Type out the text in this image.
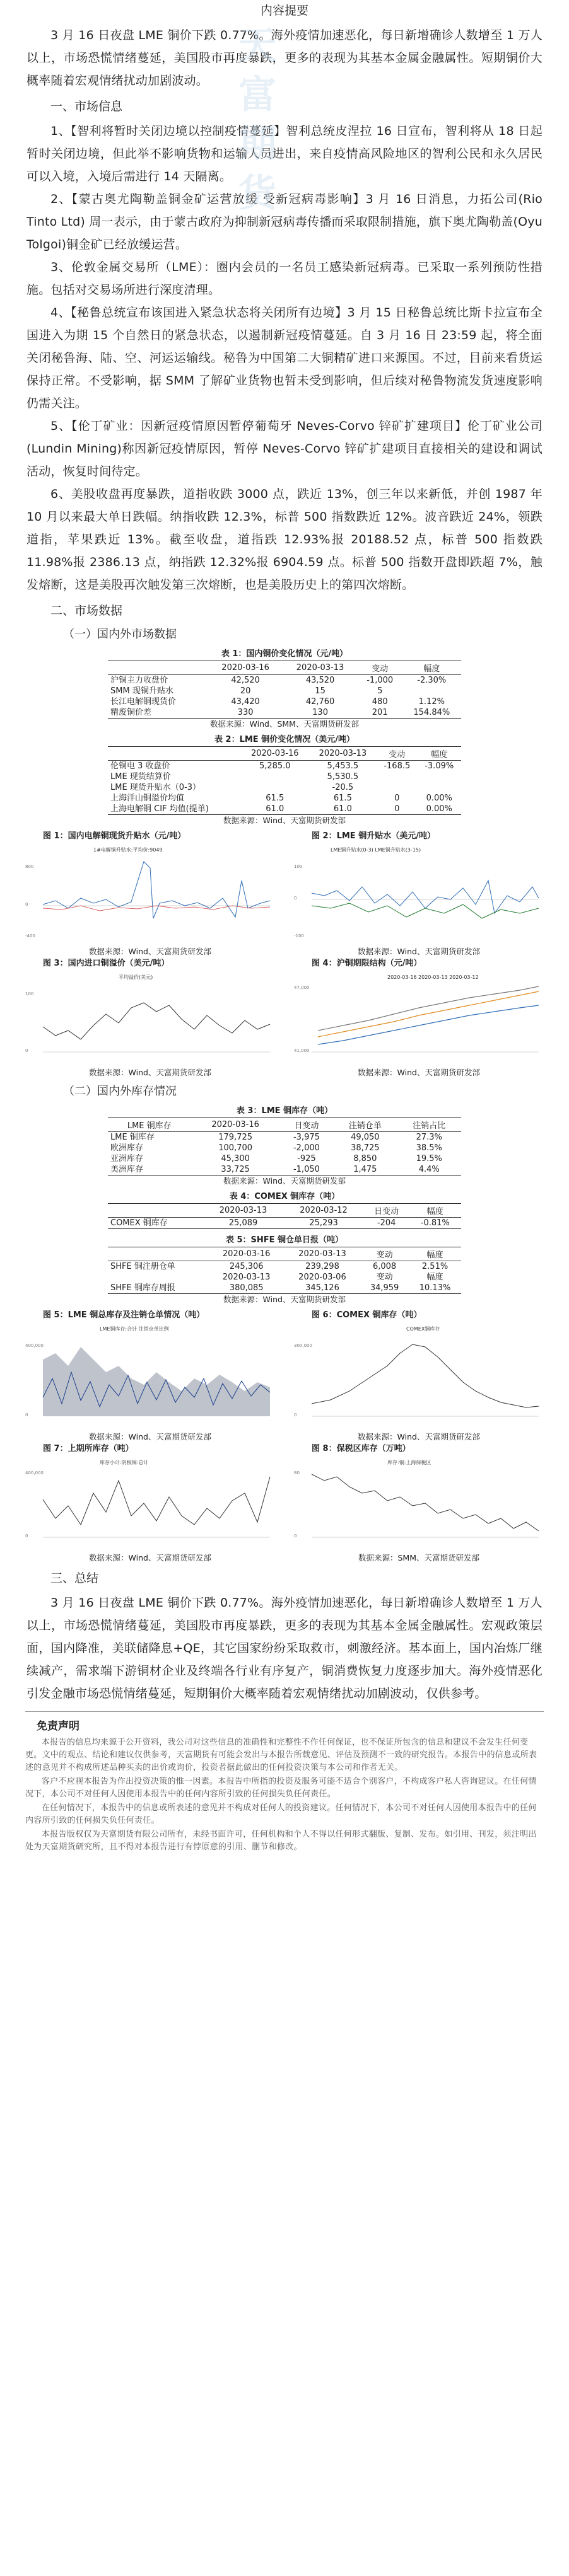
天富期货
内容提要

3 月 16 日夜盘 LME 铜价下跌 0.77%。海外疫情加速恶化，每日新增确诊人数增至 1 万人以上，市场恐慌情绪蔓延，美国股市再度暴跌，更多的表现为其基本金属金融属性。短期铜价大概率随着宏观情绪扰动加剧波动。

一、市场信息

1、【智利将暂时关闭边境以控制疫情蔓延】智利总统皮涅拉 16 日宣布，智利将从 18 日起暂时关闭边境，但此举不影响货物和运输人员进出，来自疫情高风险地区的智利公民和永久居民可以入境，入境后需进行 14 天隔离。

2、【蒙古奥尤陶勒盖铜金矿运营放缓 受新冠病毒影响】3 月 16 日消息，力拓公司(Rio Tinto Ltd) 周一表示，由于蒙古政府为抑制新冠病毒传播而采取限制措施，旗下奥尤陶勒盖(Oyu Tolgoi)铜金矿已经放缓运营。

3、伦敦金属交易所（LME）：圈内会员的一名员工感染新冠病毒。已采取一系列预防性措施。包括对交易场所进行深度清理。

4、【秘鲁总统宣布该国进入紧急状态将关闭所有边境】3 月 15 日秘鲁总统比斯卡拉宣布全国进入为期 15 个自然日的紧急状态，以遏制新冠疫情蔓延。自 3 月 16 日 23:59 起，将全面关闭秘鲁海、陆、空、河运运输线。秘鲁为中国第二大铜精矿进口来源国。不过，目前来看货运保持正常。不受影响，据 SMM 了解矿业货物也暂未受到影响，但后续对秘鲁物流发货速度影响仍需关注。

5、【伦丁矿业：因新冠疫情原因暂停葡萄牙 Neves-Corvo 锌矿扩建项目】伦丁矿业公司(Lundin Mining)称因新冠疫情原因，暂停 Neves-Corvo 锌矿扩建项目直接相关的建设和调试活动，恢复时间待定。

6、美股收盘再度暴跌，道指收跌 3000 点，跌近 13%，创三年以来新低，并创 1987 年 10 月以来最大单日跌幅。纳指收跌 12.3%，标普 500 指数跌近 12%。波音跌近 24%，领跌道指，苹果跌近 13%。截至收盘，道指跌 12.93%报 20188.52 点，标普 500 指数跌 11.98%报 2386.13 点，纳指跌 12.32%报 6904.59 点。标普 500 指数开盘即跌超 7%，触发熔断，这是美股再次触发第三次熔断，也是美股历史上的第四次熔断。

二、市场数据
（一）国内外市场数据
表 1：国内铜价变化情况（元/吨）
	2020-03-16	2020-03-13	变动	幅度
沪铜主力收盘价	42,520	43,520	-1,000	-2.30%
SMM 现铜升贴水	20	15	5	
长江电解铜现货价	43,420	42,760	480	1.12%
精废铜价差	330	130	201	154.84%
数据来源：Wind、SMM、天富期货研发部
表 2：LME 铜价变化情况（美元/吨）
	2020-03-16	2020-03-13	变动	幅度
伦铜电 3 收盘价	5,285.0	5,453.5	-168.5	-3.09%
LME 现货结算价		5,530.5		
LME 现货升贴水（0-3）		-20.5		
上海洋山铜溢价均值	61.5	61.5	0	0.00%
上海电解铜 CIF 均值(提单)	61.0	61.0	0	0.00%
数据来源：Wind、天富期货研发部
图 1：国内电解铜现货升贴水（元/吨）
1#电解铜升贴水:平均价:9049
800
0
-400
数据来源：Wind、天富期货研发部
图 2：LME 铜升贴水（美元/吨）
LME铜升贴水(0-3) LME铜升贴水(3-15)
100
0
-100
数据来源：Wind、天富期货研发部
图 3：国内进口铜溢价（美元/吨）
平均溢价(美元)
100
0
数据来源：Wind、天富期货研发部
图 4：沪铜期限结构（元/吨）
2020-03-16 2020-03-13 2020-03-12
47,000
41,000
数据来源：Wind、天富期货研发部
（二）国内外库存情况
表 3：LME 铜库存（吨）
LME 铜库存	2020-03-16	日变动	注销仓单	注销占比
LME 铜库存	179,725	-3,975	49,050	27.3%
欧洲库存	100,700	-2,000	38,725	38.5%
亚洲库存	45,300	-925	8,850	19.5%
美洲库存	33,725	-1,050	1,475	4.4%
数据来源：Wind、天富期货研发部
表 4：COMEX 铜库存（吨）
	2020-03-13	2020-03-12	日变动	幅度
COMEX 铜库存	25,089	25,293	-204	-0.81%
表 5：SHFE 铜仓单日报（吨）
	2020-03-16	2020-03-13	变动	幅度
SHFE 铜注册仓单	245,306	239,298	6,008	2.51%
	2020-03-13	2020-03-06	变动	幅度
SHFE 铜库存周报	380,085	345,126	34,959	10.13%
数据来源：Wind、天富期货研发部
图 5：LME 铜总库存及注销仓单情况（吨）
LME铜库存:合计 注销仓单比例
400,000
0
数据来源：Wind、天富期货研发部
图 6：COMEX 铜库存（吨）
COMEX铜库存
300,000
0
数据来源：Wind、天富期货研发部
图 7：上期所库存（吨）
库存小计:阴极铜:总计
400,000
0
数据来源：Wind、天富期货研发部
图 8：保税区库存（万吨）
库存:铜:上海保税区
80
0
数据来源：SMM、天富期货研发部
三、总结

3 月 16 日夜盘 LME 铜价下跌 0.77%。海外疫情加速恶化，每日新增确诊人数增至 1 万人以上，市场恐慌情绪蔓延，美国股市再度暴跌，更多的表现为其基本金属金融属性。宏观政策层面，国内降准，美联储降息+QE，其它国家纷纷采取救市，刺激经济。基本面上，国内冶炼厂继续减产，需求端下游铜材企业及终端各行业有序复产，铜消费恢复力度逐步加大。海外疫情恶化引发金融市场恐慌情绪蔓延，短期铜价大概率随着宏观情绪扰动加剧波动，仅供参考。

免责声明

本报告的信息均来源于公开资料，我公司对这些信息的准确性和完整性不作任何保证，也不保证所包含的信息和建议不会发生任何变更。文中的观点、结论和建议仅供参考，天富期货有可能会发出与本报告所载意见、评估及预测不一致的研究报告。本报告中的信息或所表述的意见并不构成所述品种买卖的出价或询价，投资者据此做出的任何投资决策与本公司和作者无关。

客户不应视本报告为作出投资决策的惟一因素。本报告中所指的投资及服务可能不适合个别客户，不构成客户私人咨询建议。在任何情况下，本公司不对任何人因使用本报告中的任何内容所引致的任何损失负任何责任。

在任何情况下，本报告中的信息或所表述的意见并不构成对任何人的投资建议。任何情况下，本公司不对任何人因使用本报告中的任何内容所引致的任何损失负任何责任。

本报告版权仅为天富期货有限公司所有，未经书面许可，任何机构和个人不得以任何形式翻版、复制、发布。如引用、刊发，须注明出处为天富期货研究所，且不得对本报告进行有悖原意的引用、删节和修改。
